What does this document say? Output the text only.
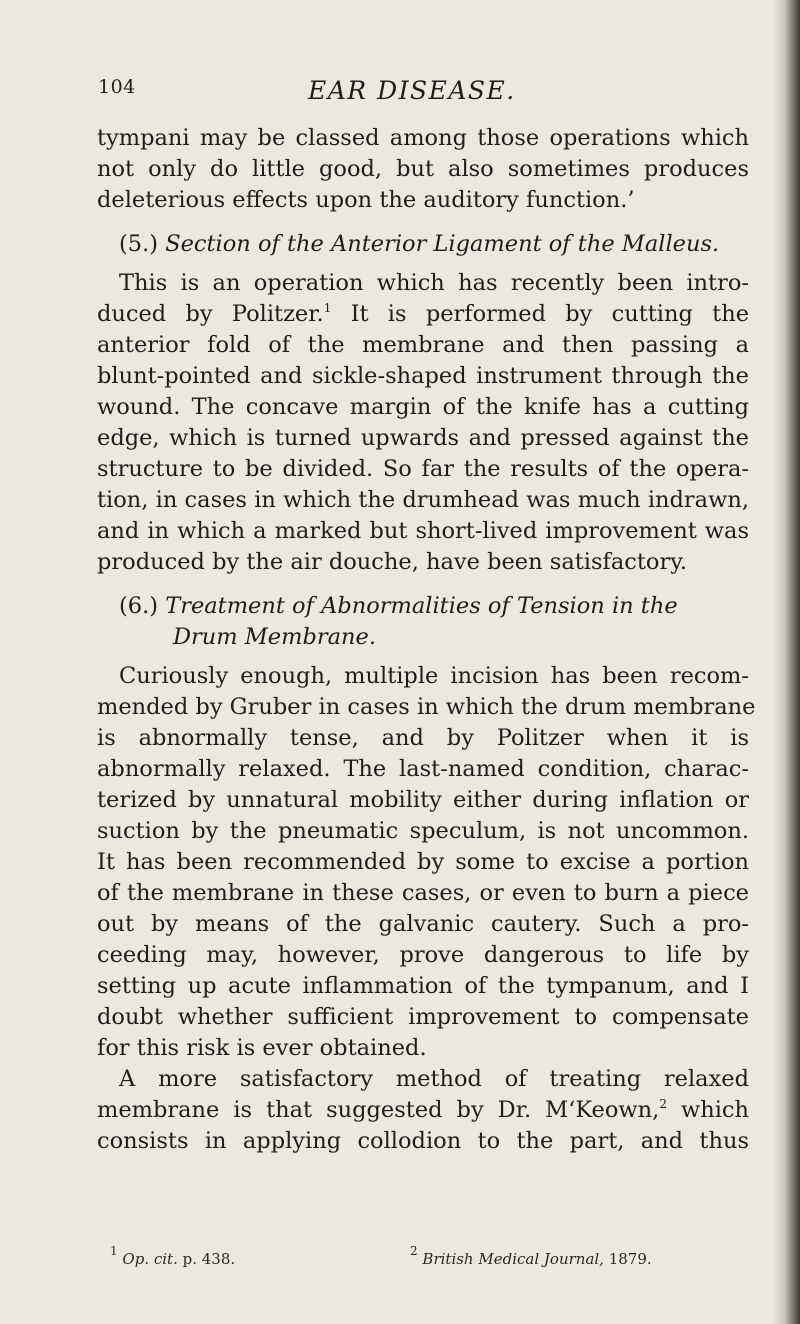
104	EAR DISEASE.
tympani may be classed among those operations which
not only do little good, but also sometimes produces
deleterious effects upon the auditory function.’
(5.) Section of the Anterior Ligament of the Malleus.
This is an operation which has recently been intro-
duced by Politzer.$^1$ It is performed by cutting the
anterior fold of the membrane and then passing a
blunt-pointed and sickle-shaped instrument through the
wound. The concave margin of the knife has a cutting
edge, which is turned upwards and pressed against the
structure to be divided. So far the results of the opera-
tion, in cases in which the drumhead was much indrawn,
and in which a marked but short-lived improvement was
produced by the air douche, have been satisfactory.
(6.) Treatment of Abnormalities of Tension in the
Drum Membrane.
Curiously enough, multiple incision has been recom-
mended by Gruber in cases in which the drum membrane
is abnormally tense, and by Politzer when it is
abnormally relaxed. The last-named condition, charac-
terized by unnatural mobility either during inflation or
suction by the pneumatic speculum, is not uncommon.
It has been recommended by some to excise a portion
of the membrane in these cases, or even to burn a piece
out by means of the galvanic cautery. Such a pro-
ceeding may, however, prove dangerous to life by
setting up acute inflammation of the tympanum, and I
doubt whether sufficient improvement to compensate
for this risk is ever obtained.
A more satisfactory method of treating relaxed
membrane is that suggested by Dr. M‘Keown,$^2$ which
consists in applying collodion to the part, and thus
$^1$ Op. cit. p. 438.	$^2$ British Medical Journal, 1879.
